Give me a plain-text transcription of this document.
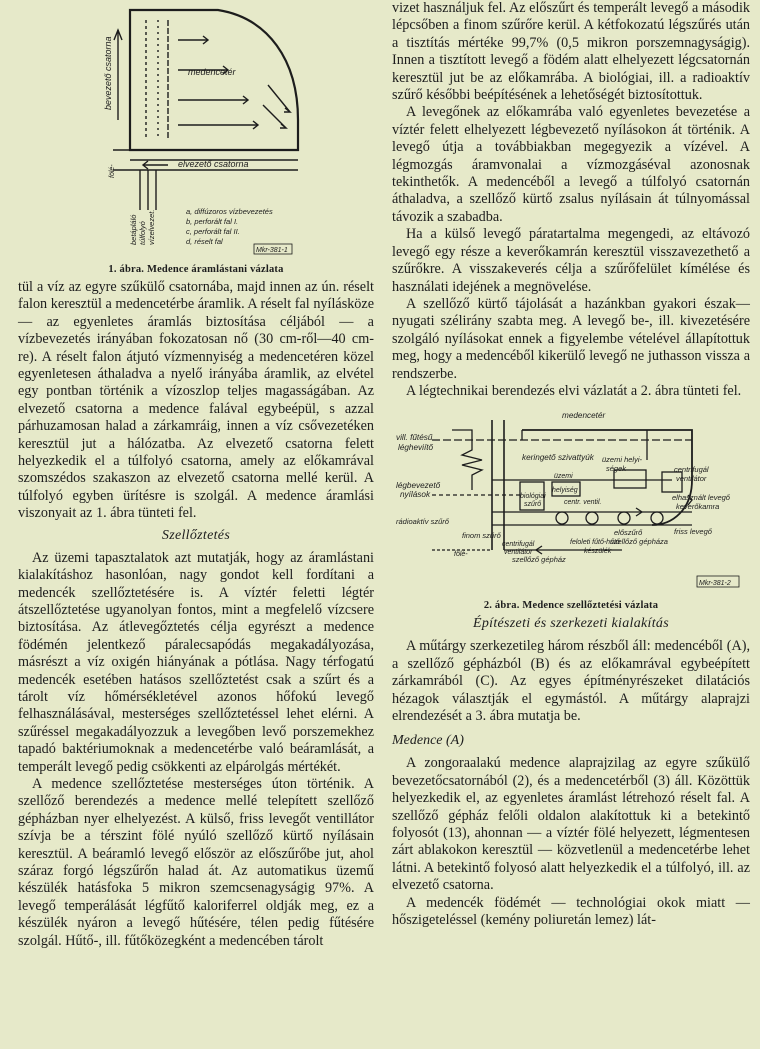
medencetér
elvezető csatorna
bevezető csatorna
fölé-
betápláló túlfolyó vízelvezet.	a, diffúzoros vízbevezetés
b, perforált fal I.
c, perforált fal II.
d, réselt fal
Mkr-381-1
1. ábra. Medence áramlástani vázlata

tül a víz az egyre szűkülő csatornába, majd innen az ún. réselt falon keresztül a medencetérbe áramlik. A réselt fal nyílásköze — az egyenletes áramlás biztosítása céljából — a vízbevezetés irányában fokozatosan nő (30 cm-ről—40 cm-re). A réselt falon átjutó vízmennyiség a medencetéren közel egyenletesen áthaladva a nyelő irányába áramlik, az elvétel egy pontban történik a vízoszlop teljes magasságában. Az elvezető csatorna a medence falával egybeépül, s azzal párhuzamosan halad a zárkamráig, innen a víz csővezetéken keresztül jut a hálózatba. Az elvezető csatorna felett helyezkedik el a túlfolyó csatorna, amely az előkamrával szomszédos szakaszon az elvezető csatorna mellé kerül. A túlfolyó egyben ürítésre is szolgál. A medence áramlási viszonyait az 1. ábra tünteti fel.

Szellőztetés

Az üzemi tapasztalatok azt mutatják, hogy az áramlástani kialakításhoz hasonlóan, nagy gondot kell fordítani a medencék szellőztetésére is. A víztér feletti légtér átszellőztetése ugyanolyan fontos, mint a megfelelő vízcsere biztosítása. Az átlevegőztetés célja egyrészt a medence födémén jelentkező páralecsapódás megakadályozása, másrészt a víz oxigén hiányának a pótlása. Nagy térfogatú medencék esetében hatásos szellőztetést csak a szűrt és a tárolt víz hőmérsékletével azonos hőfokú levegő felhasználásával, mesterséges szellőztetéssel lehet elérni. A szűréssel megakadályozzuk a levegőben levő porszemekhez tapadó baktériumoknak a medencetérbe való beáramlását, a temperált levegő pedig csökkenti az elpárolgás mértékét.

A medence szellőztetése mesterséges úton történik. A szellőző berendezés a medence mellé telepített szellőző gépházban nyer elhelyezést. A külső, friss levegőt ventillátor szívja be a térszint fölé nyúló szellőző kürtő nyílásain keresztül. A beáramló levegő először az előszűrőbe jut, ahol száraz forgó légszűrőn halad át. Az automatikus üzemű készülék hatásfoka 5 mikron szemcsenagyságig 97%. A levegő temperálását légfűtő kaloriferrel oldják meg, ez a készülék nyáron a levegő hűtésére, télen pedig fűtésére szolgál. Hűtő-, ill. fűtőközegként a medencében tárolt

vizet használjuk fel. Az előszűrt és temperált levegő a második lépcsőben a finom szűrőre kerül. A kétfokozatú légszűrés után a tisztítás mértéke 99,7% (0,5 mikron porszemnagyságig). Innen a tisztított levegő a födém alatt elhelyezett légcsatornán keresztül jut be az előkamrába. A biológiai, ill. a radioaktív szűrő későbbi beépítésének a lehetőségét biztosítottuk.

A levegőnek az előkamrába való egyenletes bevezetése a víztér felett elhelyezett légbevezető nyílásokon át történik. A levegő útja a továbbiakban megegyezik a vízével. A légmozgás áramvonalai a vízmozgáséval azonosnak tekinthetők. A medencéből a levegő a túlfolyó csatornán áthaladva, a szellőző kürtő zsalus nyílásain át túlnyomással távozik a szabadba.

Ha a külső levegő páratartalma megengedi, az eltávozó levegő egy része a keverőkamrán keresztül visszavezethető a szűrőkre. A visszakeverés célja a szűrőfelület kímélése és használati idejének a megnövelése.

A szellőző kürtő tájolását a hazánkban gyakori észak—nyugati szélirány szabta meg. A levegő be-, ill. kivezetésére szolgáló nyílásokat ennek a figyelembe vételével állapítottuk meg, hogy a medencéből kikerülő levegő ne juthasson vissza a rendszerbe.

A légtechnikai berendezés elvi vázlatát a 2. ábra tünteti fel.

medencetér
vill. fűtésű
légheviítő
keringető szivattyúk
légbevezető
nyílások
üzemi
helyiség
üzemi helyi-
ségek
centr. ventil.
biológiai
szűrő
centrifugál
ventilátor
elhasznált levegő
keverőkamra
rádioaktív szűrő
finom szűrő	előszűrő
szellőző gépháza
friss levegő
centrifugál
ventilátor
feloleti fűtő-hűtő
készülék
fölé-
szellőző gépház
Mkr-381-2
2. ábra. Medence szellőztetési vázlata
Építészeti és szerkezeti kialakítás

A műtárgy szerkezetileg három részből áll: medencéből (A), a szellőző gépházból (B) és az előkamrával egybeépített zárkamrából (C). Az egyes építményrészeket dilatációs hézagok választják el egymástól. A műtárgy alaprajzi elrendezését a 3. ábra mutatja be.

Medence (A)

A zongoraalakú medence alaprajzilag az egyre szűkülő bevezetőcsatornából (2), és a medencetérből (3) áll. Közöttük helyezkedik el, az egyenletes áramlást létrehozó réselt fal. A szellőző gépház felőli oldalon alakítottuk ki a betekintő folyosót (13), ahonnan — a víztér fölé helyezett, légmentesen zárt ablakokon keresztül — közvetlenül a medencetérbe lehet látni. A betekintő folyosó alatt helyezkedik el a túlfolyó, ill. az elvezető csatorna.

A medencék födémét — technológiai okok miatt — hőszigeteléssel (kemény poliuretán lemez) lát-
